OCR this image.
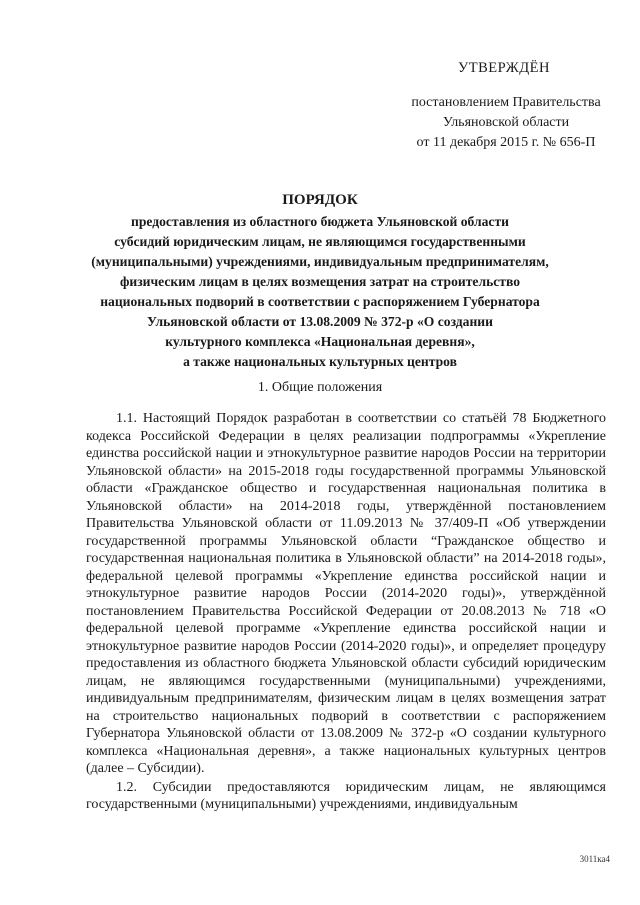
УТВЕРЖДЁН
постановлением Правительства
Ульяновской области
от 11 декабря 2015 г. № 656-П
ПОРЯДОК
предоставления из областного бюджета Ульяновской области
субсидий юридическим лицам, не являющимся государственными
(муниципальными) учреждениями, индивидуальным предпринимателям,
физическим лицам в целях возмещения затрат на строительство
национальных подворий в соответствии с распоряжением Губернатора
Ульяновской области от 13.08.2009 № 372-р «О создании
культурного комплекса «Национальная деревня»,
а также национальных культурных центров
1. Общие положения

1.1. Настоящий Порядок разработан в соответствии со статьёй 78 Бюджетного кодекса Российской Федерации в целях реализации подпрограммы «Укрепление единства российской нации и этнокультурное развитие народов России на территории Ульяновской области» на 2015-2018 годы государственной программы Ульяновской области «Гражданское общество и государственная национальная политика в Ульяновской области» на 2014-2018 годы, утверждённой постановлением Правительства Ульяновской области от 11.09.2013 № 37/409-П «Об утверждении государственной программы Ульяновской области “Гражданское общество и государственная национальная политика в Ульяновской области” на 2014-2018 годы», федеральной целевой программы «Укрепление единства российской нации и этнокультурное развитие народов России (2014-2020 годы)», утверждённой постановлением Правительства Российской Федерации от 20.08.2013 № 718 «О федеральной целевой программе «Укрепление единства российской нации и этнокультурное развитие народов России (2014-2020 годы)», и определяет процедуру предоставления из областного бюджета Ульяновской области субсидий юридическим лицам, не являющимся государственными (муниципальными) учреждениями, индивидуальным предпринимателям, физическим лицам в целях возмещения затрат на строительство национальных подворий в соответствии с распоряжением Губернатора Ульяновской области от 13.08.2009 № 372-р «О создании культурного комплекса «Национальная деревня», а также национальных культурных центров (далее – Субсидии).

1.2. Субсидии предоставляются юридическим лицам, не являющимся государственными (муниципальными) учреждениями, индивидуальным

3011ка4
